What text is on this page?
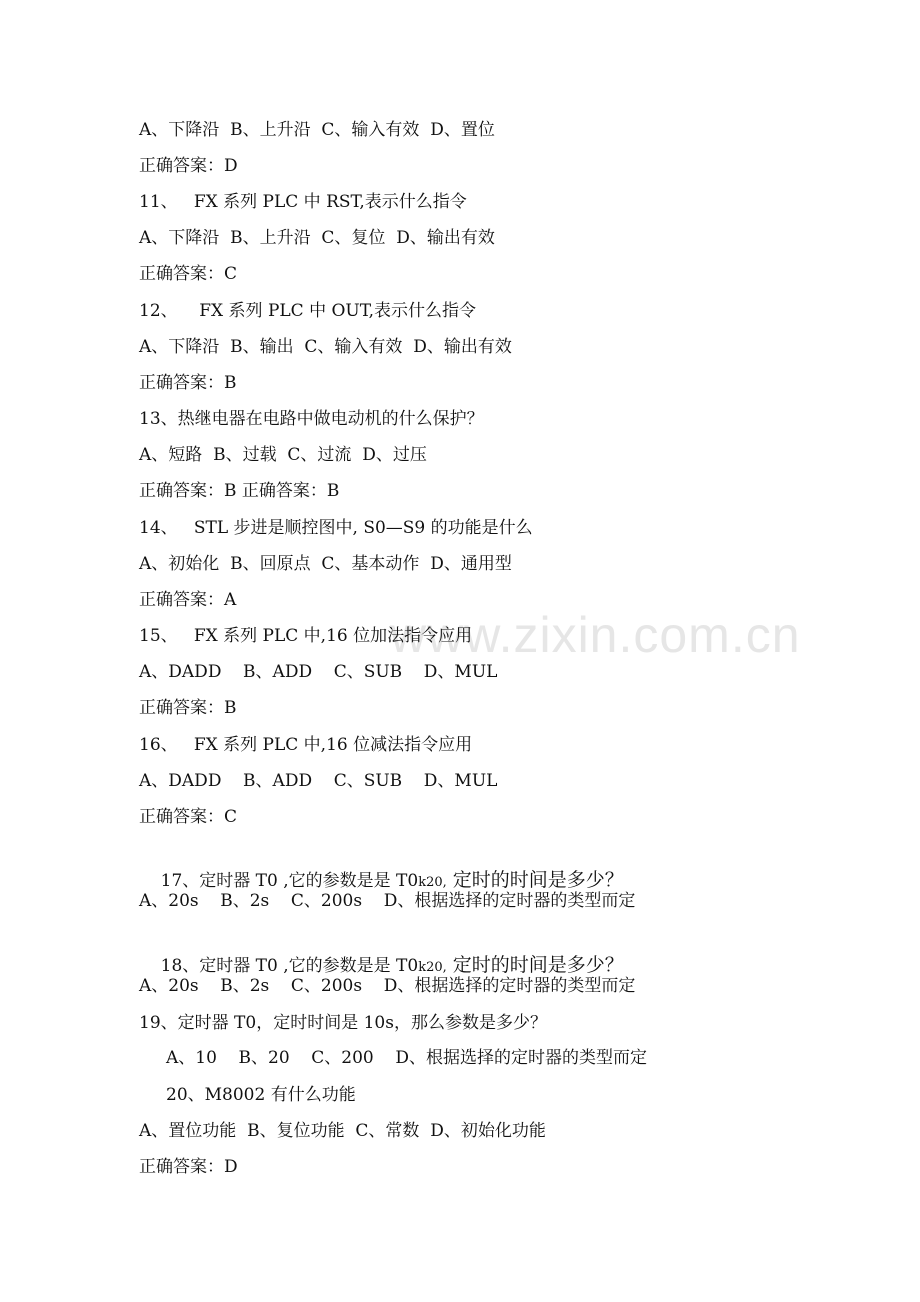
www.zixin.com.cn
A、下降沿  B、上升沿  C、输入有效  D、置位
正确答案：D
11、   FX 系列 PLC 中 RST,表示什么指令
A、下降沿  B、上升沿  C、复位  D、输出有效
正确答案：C
12、    FX 系列 PLC 中 OUT,表示什么指令
A、下降沿  B、输出  C、输入有效  D、输出有效
正确答案：B
13、热继电器在电路中做电动机的什么保护？
A、短路  B、过载  C、过流  D、过压
正确答案：B 正确答案：B
14、   STL 步进是顺控图中, S0—S9 的功能是什么
A、初始化  B、回原点  C、基本动作  D、通用型
正确答案：A
15、   FX 系列 PLC 中,16 位加法指令应用
A、DADD    B、ADD    C、SUB    D、MUL
正确答案：B
16、   FX 系列 PLC 中,16 位减法指令应用
A、DADD    B、ADD    C、SUB    D、MUL
正确答案：C

17、定时器 T0 ,它的参数是是 T0k20, 定时的时间是多少？

A、20s    B、2s    C、200s    D、根据选择的定时器的类型而定

18、定时器 T0 ,它的参数是是 T0k20, 定时的时间是多少？

A、20s    B、2s    C、200s    D、根据选择的定时器的类型而定
19、定时器 T0，定时时间是 10s，那么参数是多少？
A、10    B、20    C、200    D、根据选择的定时器的类型而定
20、M8002 有什么功能
A、置位功能  B、复位功能  C、常数  D、初始化功能
正确答案：D
